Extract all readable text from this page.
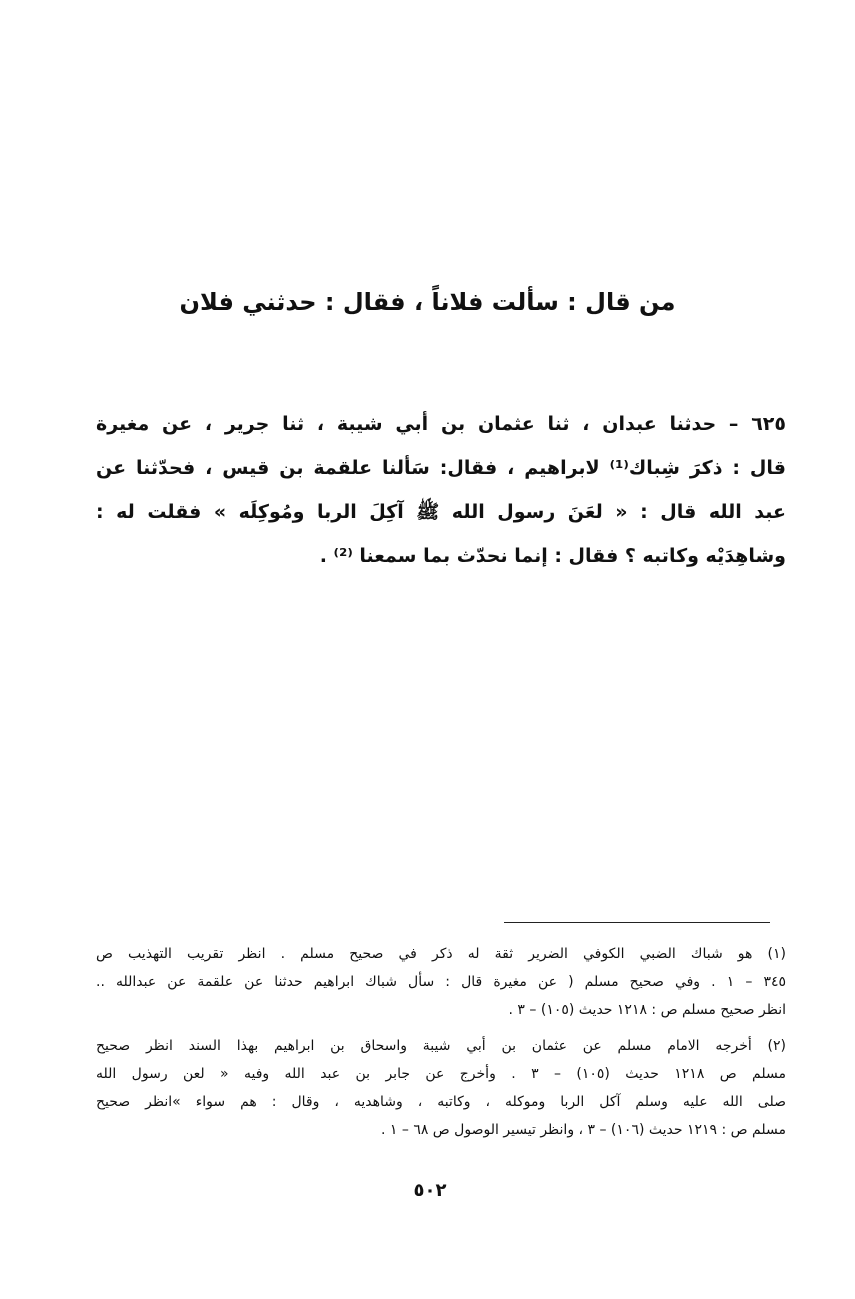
من قال : سألت فلاناً ، فقال : حدثني فلان
٦٢٥ – حدثنا عبدان ، ثنا عثمان بن أبي شيبة ، ثنا جرير ، عن مغيرة
قال : ذكرَ شِباك⁽¹⁾ لابراهيم ، فقال: سَألنا علقمة بن قيس ، فحدّثنا عن
عبد الله قال : « لعَنَ رسول الله ﷺ آكِلَ الربا ومُوكِلَه » فقلت له :
وشاهِدَيْه وكاتبه ؟ فقال : إنما نحدّث بما سمعنا ⁽²⁾ .
(١) هو شباك الضبي الكوفي الضرير ثقة له ذكر في صحيح مسلم . انظر تقريب التهذيب ص
٣٤٥ – ١ . وفي صحيح مسلم ( عن مغيرة قال : سأل شباك ابراهيم حدثنا عن علقمة عن عبدالله ..
انظر صحيح مسلم ص : ١٢١٨ حديث (١٠٥) – ٣ .
(٢) أخرجه الامام مسلم عن عثمان بن أبي شيبة واسحاق بن ابراهيم بهذا السند انظر صحيح
مسلم ص ١٢١٨ حديث (١٠٥) – ٣ . وأخرج عن جابر بن عبد الله وفيه « لعن رسول الله
صلى الله عليه وسلم آكل الربا وموكله ، وكاتبه ، وشاهديه ، وقال : هم سواء »انظر صحيح
مسلم ص : ١٢١٩ حديث (١٠٦) – ٣ ، وانظر تيسير الوصول ص ٦٨ – ١ .
٥٠٢
